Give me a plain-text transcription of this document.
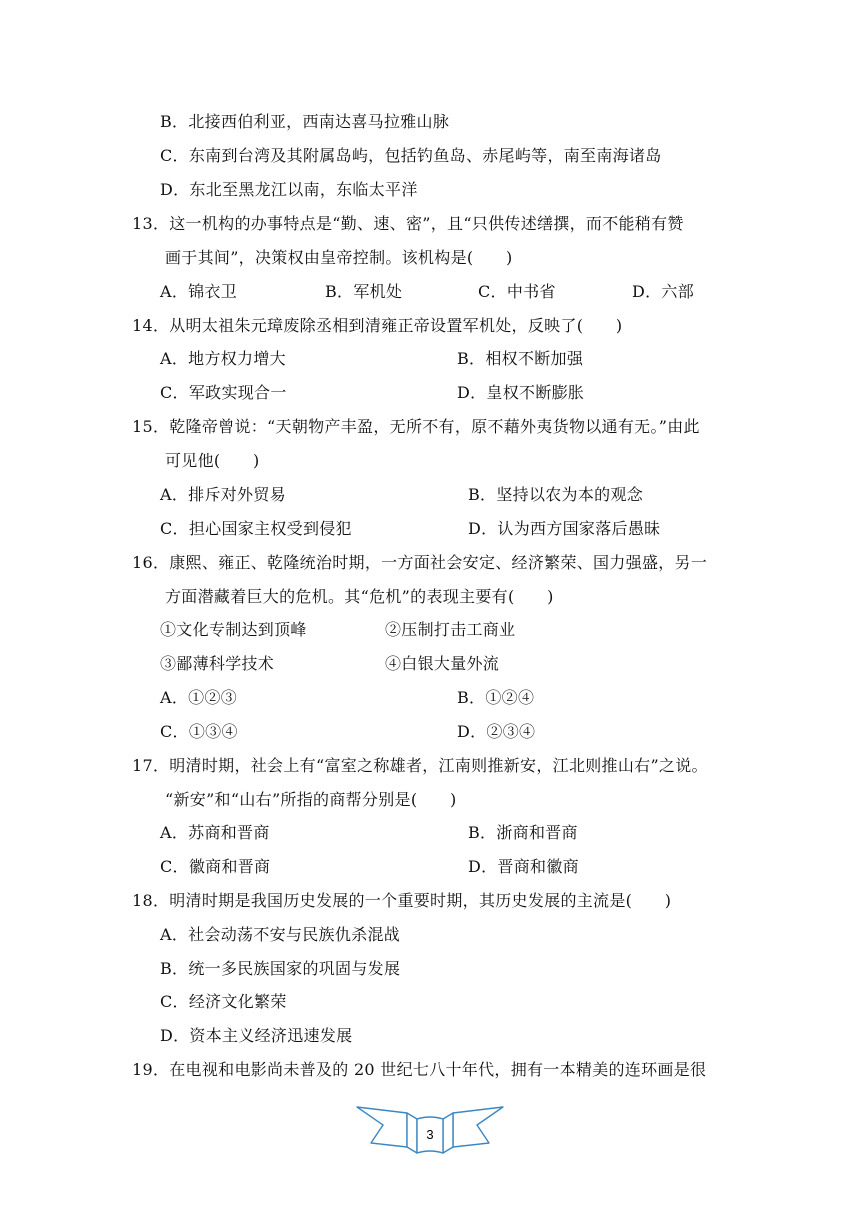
B．北接西伯利亚，西南达喜马拉雅山脉
C．东南到台湾及其附属岛屿，包括钓鱼岛、赤尾屿等，南至南海诸岛
D．东北至黑龙江以南，东临太平洋
13．这一机构的办事特点是“勤、速、密”，且“只供传述缮撰，而不能稍有赞
画于其间”，决策权由皇帝控制。该机构是(　　)
A．锦衣卫	B．军机处	C．中书省	D．六部
14．从明太祖朱元璋废除丞相到清雍正帝设置军机处，反映了(　　)
A．地方权力增大	B．相权不断加强
C．军政实现合一	D．皇权不断膨胀
15．乾隆帝曾说：“天朝物产丰盈，无所不有，原不藉外夷货物以通有无。”由此
可见他(　　)
A．排斥对外贸易	B．坚持以农为本的观念
C．担心国家主权受到侵犯	D．认为西方国家落后愚昧
16．康熙、雍正、乾隆统治时期，一方面社会安定、经济繁荣、国力强盛，另一
方面潜藏着巨大的危机。其“危机”的表现主要有(　　)
①文化专制达到顶峰	②压制打击工商业
③鄙薄科学技术	④白银大量外流
A．①②③	B．①②④
C．①③④	D．②③④
17．明清时期，社会上有“富室之称雄者，江南则推新安，江北则推山右”之说。
“新安”和“山右”所指的商帮分别是(　　)
A．苏商和晋商	B．浙商和晋商
C．徽商和晋商	D．晋商和徽商
18．明清时期是我国历史发展的一个重要时期，其历史发展的主流是(　　)
A．社会动荡不安与民族仇杀混战
B．统一多民族国家的巩固与发展
C．经济文化繁荣
D．资本主义经济迅速发展
19．在电视和电影尚未普及的 20 世纪七八十年代，拥有一本精美的连环画是很
3
